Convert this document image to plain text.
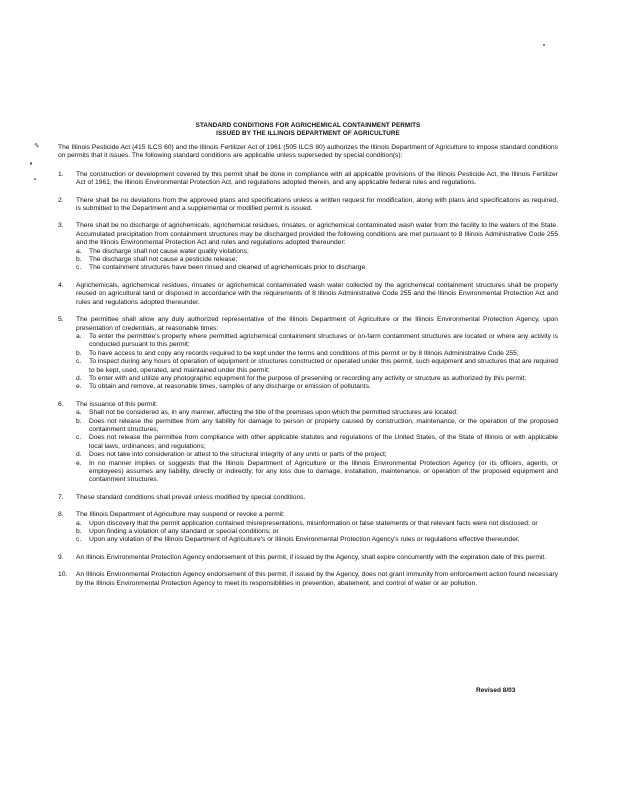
✎
STANDARD CONDITIONS FOR AGRICHEMICAL CONTAINMENT PERMITS
ISSUED BY THE ILLINOIS DEPARTMENT OF AGRICULTURE
The Illinois Pesticide Act (415 ILCS 60) and the Illinois Fertilizer Act of 1961 (505 ILCS 80) authorizes the Illinois Department of Agriculture to impose standard conditions on permits that it issues. The following standard conditions are applicable unless superseded by special condition(s):
1.	The construction or development covered by this permit shall be done in compliance with all applicable provisions of the Illinois Pesticide Act, the Illinois Fertilizer Act of 1961, the Illinois Environmental Protection Act, and regulations adopted therein, and any applicable federal rules and regulations.
2.	There shall be no deviations from the approved plans and specifications unless a written request for modification, along with plans and specifications as required, is submitted to the Department and a supplemental or modified permit is issued.
3.	There shall be no discharge of agrichemicals, agrichemical residues, rinsates, or agrichemical contaminated wash water from the facility to the waters of the State. Accumulated precipitation from containment structures may be discharged provided the following conditions are met pursuant to 8 Illinois Administrative Code 255 and the Illinois Environmental Protection Act and rules and regulations adopted thereunder:
a.	The discharge shall not cause water quality violations;
b.	The discharge shall not cause a pesticide release;
c.	The containment structures have been rinsed and cleaned of agrichemicals prior to discharge.
4.	Agrichemicals, agrichemical residues, rinsates or agrichemical contaminated wash water collected by the agrichemical containment structures shall be properly reused on agricultural land or disposed in accordance with the requirements of 8 Illinois Administrative Code 255 and the Illinois Environmental Protection Act and rules and regulations adopted thereunder.
5.	The permittee shall allow any duly authorized representative of the Illinois Department of Agriculture or the Illinois Environmental Protection Agency, upon presentation of credentials, at reasonable times:
a.	To enter the permittee's property where permitted agrichemical containment structures or on-farm containment structures are located or where any activity is conducted pursuant to this permit;
b.	To have access to and copy any records required to be kept under the terms and conditions of this permit or by 8 Illinois Administrative Code 255;
c.	To inspect during any hours of operation of equipment or structures constructed or operated under this permit, such equipment and structures that are required to be kept, used, operated, and maintained under this permit;
d.	To enter with and utilize any photographic equipment for the purpose of preserving or recording any activity or structure as authorized by this permit;
e.	To obtain and remove, at reasonable times, samples of any discharge or emission of pollutants.
6.	The issuance of this permit:
a.	Shall not be considered as, in any manner, affecting the title of the premises upon which the permitted structures are located;
b.	Does not release the permittee from any liability for damage to person or property caused by construction, maintenance, or the operation of the proposed containment structures;
c.	Does not release the permittee from compliance with other applicable statutes and regulations of the United States, of the State of Illinois or with applicable local laws, ordinances, and regulations;
d.	Does not take into consideration or attest to the structural integrity of any units or parts of the project;
e.	In no manner implies or suggests that the Illinois Department of Agriculture or the Illinois Environmental Protection Agency (or its officers, agents, or employees) assumes any liability, directly or indirectly, for any loss due to damage, installation, maintenance, or operation of the proposed equipment and containment structures.
7.	These standard conditions shall prevail unless modified by special conditions.
8.	The Illinois Department of Agriculture may suspend or revoke a permit:
a.	Upon discovery that the permit application contained misrepresentations, misinformation or false statements or that relevant facts were not disclosed; or
b.	Upon finding a violation of any standard or special conditions; or
c.	Upon any violation of the Illinois Department of Agriculture's or Illinois Environmental Protection Agency's rules or regulations effective thereunder.
9.	An Illinois Environmental Protection Agency endorsement of this permit, if issued by the Agency, shall expire concurrently with the expiration date of this permit.
10.	An Illinois Environmental Protection Agency endorsement of this permit, if issued by the Agency, does not grant immunity from enforcement action found necessary by the Illinois Environmental Protection Agency to meet its responsibilities in prevention, abatement, and control of water or air pollution.
Revised 8/03
